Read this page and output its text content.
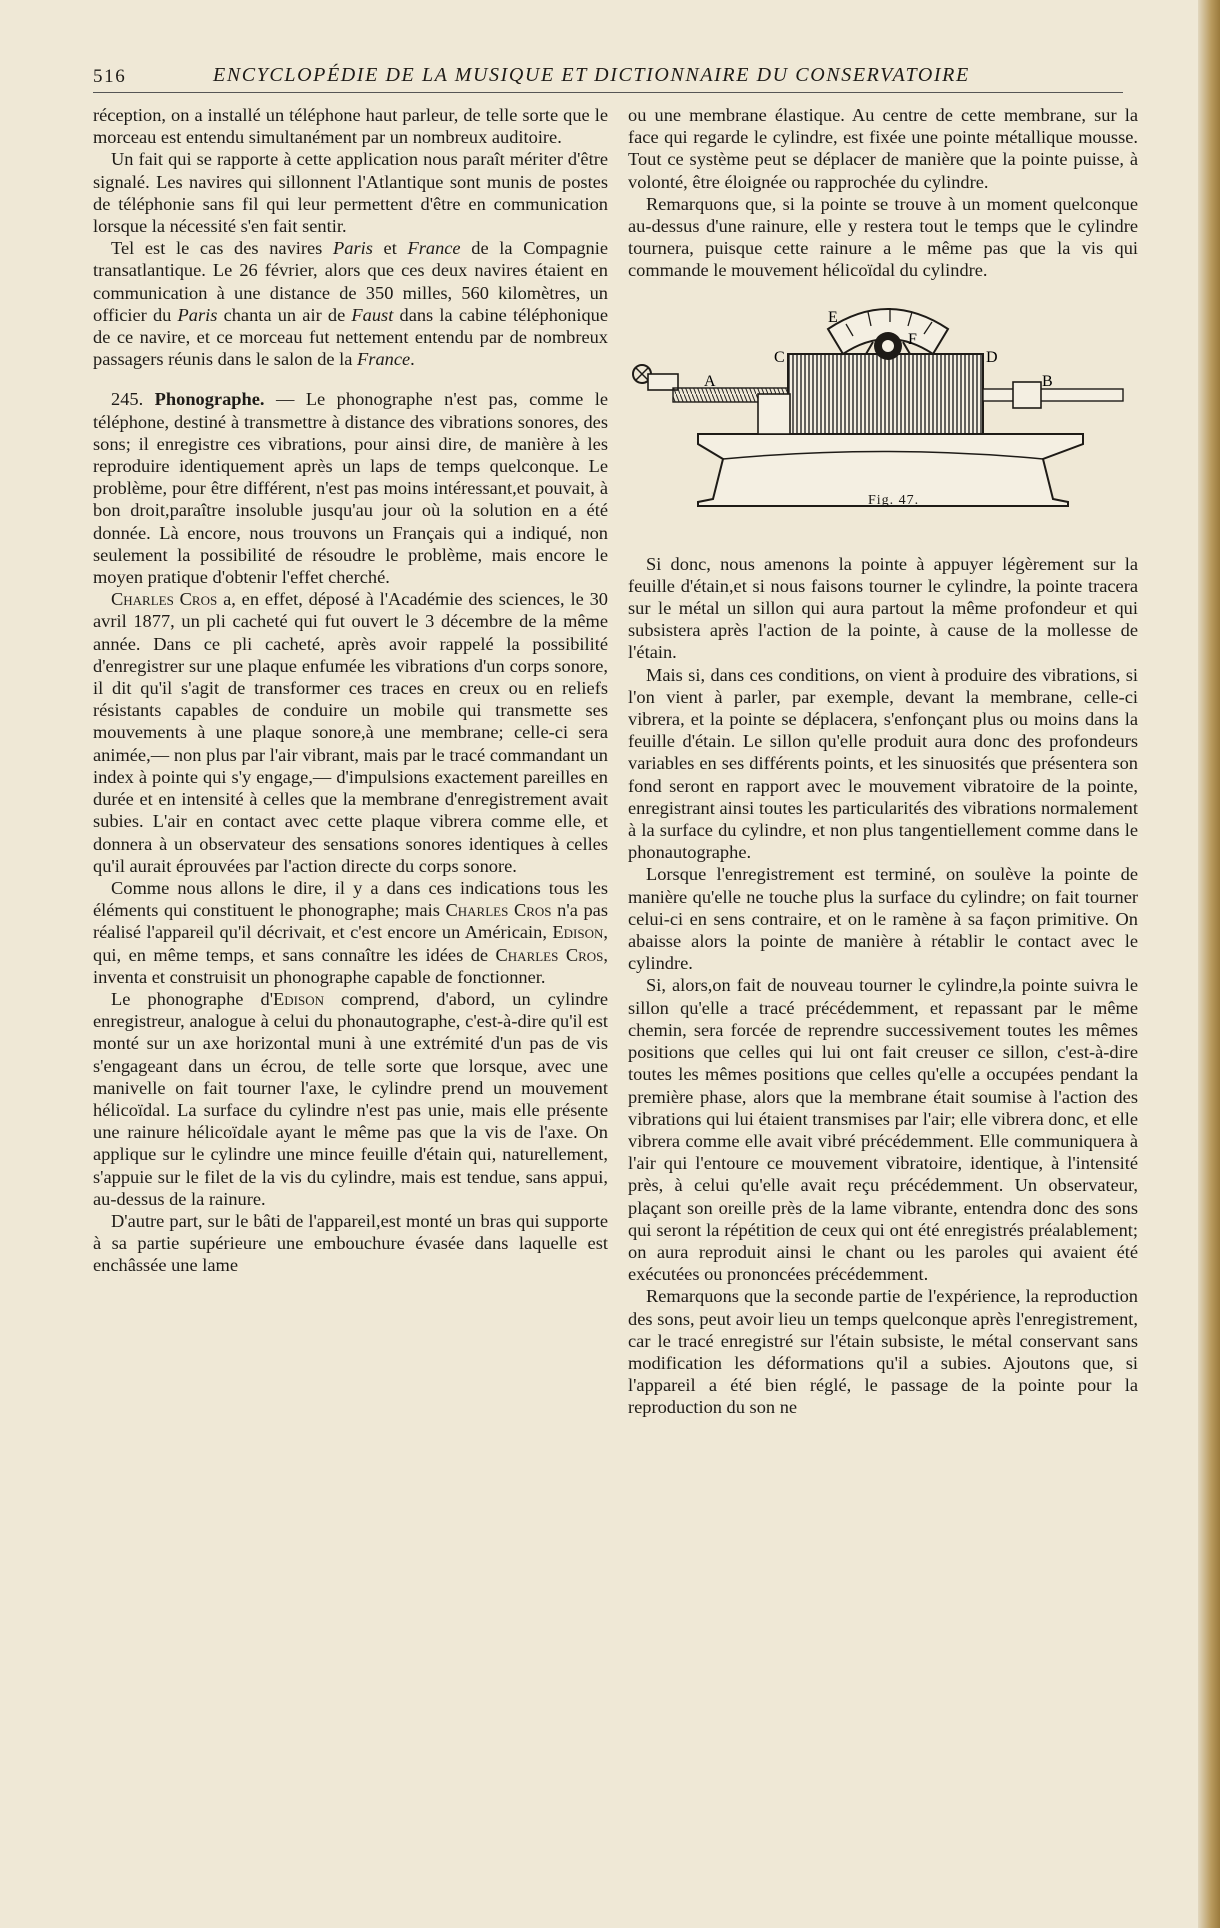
516	ENCYCLOPÉDIE DE LA MUSIQUE ET DICTIONNAIRE DU CONSERVATOIRE

réception, on a installé un téléphone haut parleur, de telle sorte que le morceau est entendu simultanément par un nombreux auditoire.

Un fait qui se rapporte à cette application nous paraît mériter d'être signalé. Les navires qui sillonnent l'Atlantique sont munis de postes de téléphonie sans fil qui leur permettent d'être en communication lorsque la nécessité s'en fait sentir.

Tel est le cas des navires Paris et France de la Compagnie transatlantique. Le 26 février, alors que ces deux navires étaient en communication à une distance de 350 milles, 560 kilomètres, un officier du Paris chanta un air de Faust dans la cabine téléphonique de ce navire, et ce morceau fut nettement entendu par de nombreux passagers réunis dans le salon de la France.

245. Phonographe. — Le phonographe n'est pas, comme le téléphone, destiné à transmettre à distance des vibrations sonores, des sons; il enregistre ces vibrations, pour ainsi dire, de manière à les reproduire identiquement après un laps de temps quelconque. Le problème, pour être différent, n'est pas moins intéressant,et pouvait, à bon droit,paraître insoluble jusqu'au jour où la solution en a été donnée. Là encore, nous trouvons un Français qui a indiqué, non seulement la possibilité de résoudre le problème, mais encore le moyen pratique d'obtenir l'effet cherché.

Charles Cros a, en effet, déposé à l'Académie des sciences, le 30 avril 1877, un pli cacheté qui fut ouvert le 3 décembre de la même année. Dans ce pli cacheté, après avoir rappelé la possibilité d'enregistrer sur une plaque enfumée les vibrations d'un corps sonore, il dit qu'il s'agit de transformer ces traces en creux ou en reliefs résistants capables de conduire un mobile qui transmette ses mouvements à une plaque sonore,à une membrane; celle-ci sera animée,— non plus par l'air vibrant, mais par le tracé commandant un index à pointe qui s'y engage,— d'impulsions exactement pareilles en durée et en intensité à celles que la membrane d'enregistrement avait subies. L'air en contact avec cette plaque vibrera comme elle, et donnera à un observateur des sensations sonores identiques à celles qu'il aurait éprouvées par l'action directe du corps sonore.

Comme nous allons le dire, il y a dans ces indications tous les éléments qui constituent le phonographe; mais Charles Cros n'a pas réalisé l'appareil qu'il décrivait, et c'est encore un Américain, Edison, qui, en même temps, et sans connaître les idées de Charles Cros, inventa et construisit un phonographe capable de fonctionner.

Le phonographe d'Edison comprend, d'abord, un cylindre enregistreur, analogue à celui du phonautographe, c'est-à-dire qu'il est monté sur un axe horizontal muni à une extrémité d'un pas de vis s'engageant dans un écrou, de telle sorte que lorsque, avec une manivelle on fait tourner l'axe, le cylindre prend un mouvement hélicoïdal. La surface du cylindre n'est pas unie, mais elle présente une rainure hélicoïdale ayant le même pas que la vis de l'axe. On applique sur le cylindre une mince feuille d'étain qui, naturellement, s'appuie sur le filet de la vis du cylindre, mais est tendue, sans appui, au-dessus de la rainure.

D'autre part, sur le bâti de l'appareil,est monté un bras qui supporte à sa partie supérieure une embouchure évasée dans laquelle est enchâssée une lame

ou une membrane élastique. Au centre de cette membrane, sur la face qui regarde le cylindre, est fixée une pointe métallique mousse. Tout ce système peut se déplacer de manière que la pointe puisse, à volonté, être éloignée ou rapprochée du cylindre.

Remarquons que, si la pointe se trouve à un moment quelconque au-dessus d'une rainure, elle y restera tout le temps que le cylindre tournera, puisque cette rainure a le même pas que la vis qui commande le mouvement hélicoïdal du cylindre.

A	B
C	D
E
F
Fig. 47.

Si donc, nous amenons la pointe à appuyer légèrement sur la feuille d'étain,et si nous faisons tourner le cylindre, la pointe tracera sur le métal un sillon qui aura partout la même profondeur et qui subsistera après l'action de la pointe, à cause de la mollesse de l'étain.

Mais si, dans ces conditions, on vient à produire des vibrations, si l'on vient à parler, par exemple, devant la membrane, celle-ci vibrera, et la pointe se déplacera, s'enfonçant plus ou moins dans la feuille d'étain. Le sillon qu'elle produit aura donc des profondeurs variables en ses différents points, et les sinuosités que présentera son fond seront en rapport avec le mouvement vibratoire de la pointe, enregistrant ainsi toutes les particularités des vibrations normalement à la surface du cylindre, et non plus tangentiellement comme dans le phonautographe.

Lorsque l'enregistrement est terminé, on soulève la pointe de manière qu'elle ne touche plus la surface du cylindre; on fait tourner celui-ci en sens contraire, et on le ramène à sa façon primitive. On abaisse alors la pointe de manière à rétablir le contact avec le cylindre.

Si, alors,on fait de nouveau tourner le cylindre,la pointe suivra le sillon qu'elle a tracé précédemment, et repassant par le même chemin, sera forcée de reprendre successivement toutes les mêmes positions que celles qui lui ont fait creuser ce sillon, c'est-à-dire toutes les mêmes positions que celles qu'elle a occupées pendant la première phase, alors que la membrane était soumise à l'action des vibrations qui lui étaient transmises par l'air; elle vibrera donc, et elle vibrera comme elle avait vibré précédemment. Elle communiquera à l'air qui l'entoure ce mouvement vibratoire, identique, à l'intensité près, à celui qu'elle avait reçu précédemment. Un observateur, plaçant son oreille près de la lame vibrante, entendra donc des sons qui seront la répétition de ceux qui ont été enregistrés préalablement; on aura reproduit ainsi le chant ou les paroles qui avaient été exécutées ou prononcées précédemment.

Remarquons que la seconde partie de l'expérience, la reproduction des sons, peut avoir lieu un temps quelconque après l'enregistrement, car le tracé enregistré sur l'étain subsiste, le métal conservant sans modification les déformations qu'il a subies. Ajoutons que, si l'appareil a été bien réglé, le passage de la pointe pour la reproduction du son ne
